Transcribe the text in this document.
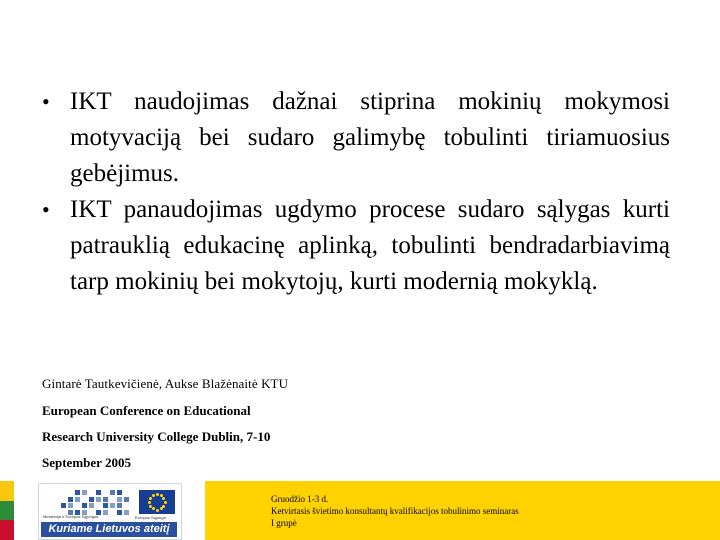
• IKT naudojimas dažnai stiprina mokinių mokymosi motyvaciją bei sudaro galimybę tobulinti tiriamuosius gebėjimus.
• IKT panaudojimas ugdymo procese sudaro sąlygas kurti patrauklią edukacinę aplinką, tobulinti bendradarbiavimą tarp mokinių bei mokytojų, kurti modernią mokyklą.
Gintarė Tautkevičienė, Aukse Blažėnaitė KTU
European Conference on Educational
Research University College Dublin, 7-10
September 2005
Ministerija ir Europos Sąjungos	Europos Sąjunga
Kuriame Lietuvos ateitį
Gruodžio 1-3 d.
Ketvirtasis švietimo konsultantų kvalifikacijos tobulinimo seminaras
I grupė
